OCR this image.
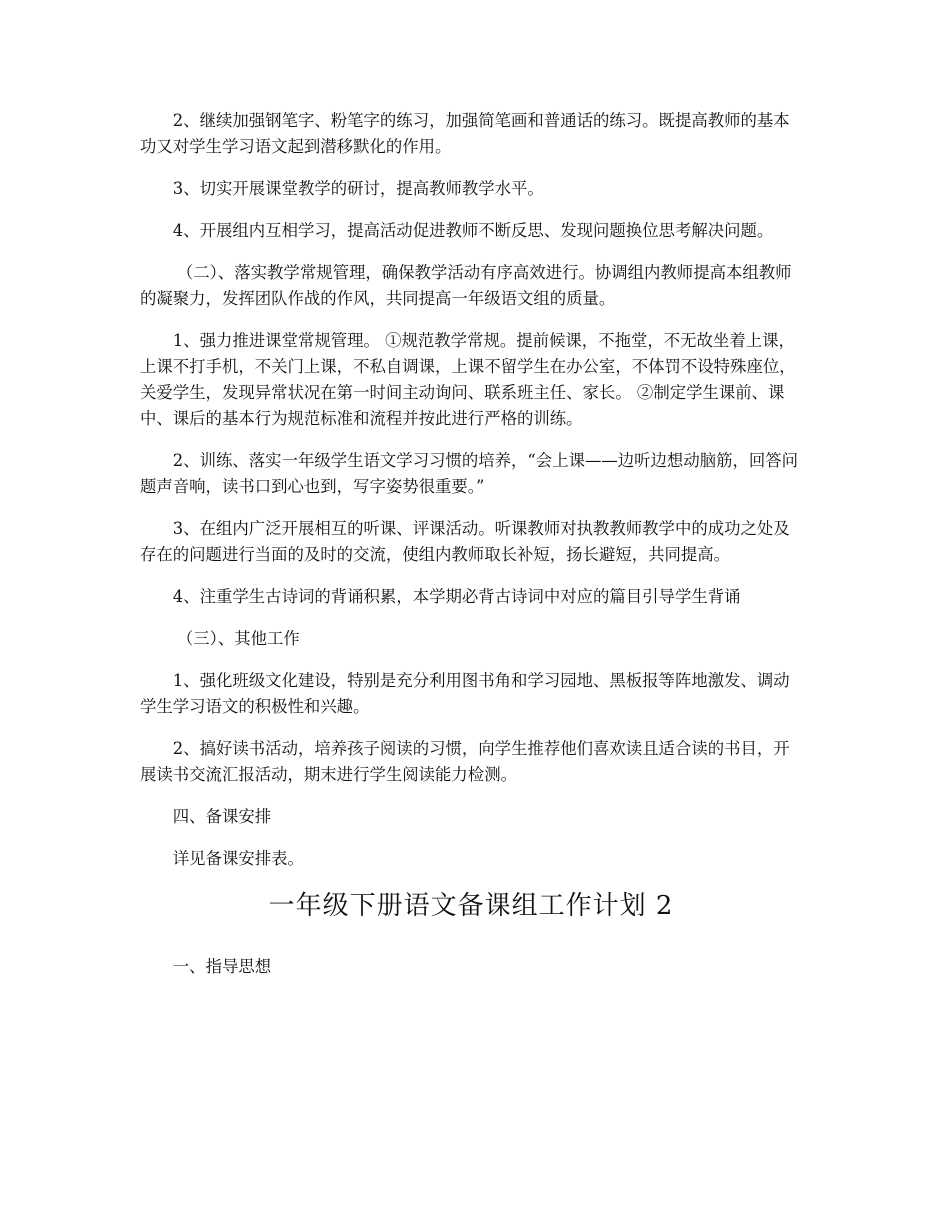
2、继续加强钢笔字、粉笔字的练习，加强简笔画和普通话的练习。既提高教师的基本功又对学生学习语文起到潜移默化的作用。

3、切实开展课堂教学的研讨，提高教师教学水平。

4、开展组内互相学习，提高活动促进教师不断反思、发现问题换位思考解决问题。

（二）、落实教学常规管理，确保教学活动有序高效进行。协调组内教师提高本组教师的凝聚力，发挥团队作战的作风，共同提高一年级语文组的质量。

1、强力推进课堂常规管理。 ①规范教学常规。提前候课，不拖堂，不无故坐着上课，上课不打手机，不关门上课，不私自调课，上课不留学生在办公室，不体罚不设特殊座位，关爱学生，发现异常状况在第一时间主动询问、联系班主任、家长。 ②制定学生课前、课中、课后的基本行为规范标准和流程并按此进行严格的训练。

2、训练、落实一年级学生语文学习习惯的培养，“会上课——边听边想动脑筋，回答问题声音响，读书口到心也到，写字姿势很重要。”

3、在组内广泛开展相互的听课、评课活动。听课教师对执教教师教学中的成功之处及存在的问题进行当面的及时的交流，使组内教师取长补短，扬长避短，共同提高。

4、注重学生古诗词的背诵积累，本学期必背古诗词中对应的篇目引导学生背诵

（三）、其他工作

1、强化班级文化建设，特别是充分利用图书角和学习园地、黑板报等阵地激发、调动学生学习语文的积极性和兴趣。

2、搞好读书活动，培养孩子阅读的习惯，向学生推荐他们喜欢读且适合读的书目，开展读书交流汇报活动，期末进行学生阅读能力检测。

四、备课安排

详见备课安排表。

一年级下册语文备课组工作计划 2

一、指导思想
